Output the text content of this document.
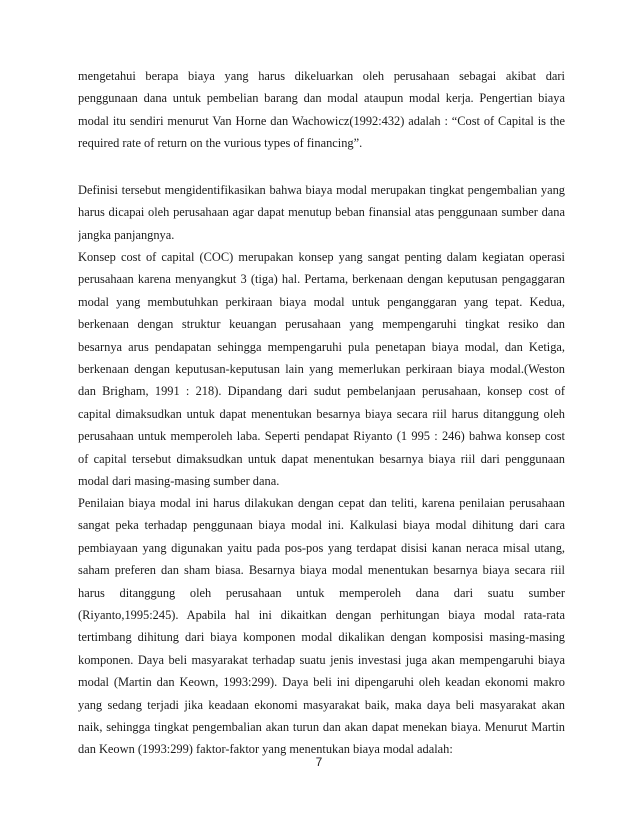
mengetahui berapa biaya yang harus dikeluarkan oleh perusahaan sebagai akibat dari
penggunaan dana untuk pembelian barang dan modal ataupun modal kerja. Pengertian biaya
modal itu sendiri menurut Van Horne dan Wachowicz(1992:432) adalah : “Cost of Capital is the
required rate of return on the vurious types of financing”.
Definisi tersebut mengidentifikasikan bahwa biaya modal merupakan tingkat pengembalian yang
harus dicapai oleh perusahaan agar dapat menutup beban finansial atas penggunaan sumber dana
jangka panjangnya.
Konsep cost of capital (COC) merupakan konsep yang sangat penting dalam kegiatan operasi
perusahaan karena menyangkut 3 (tiga) hal. Pertama, berkenaan dengan keputusan pengaggaran
modal yang membutuhkan perkiraan biaya modal untuk penganggaran yang tepat. Kedua,
berkenaan dengan struktur keuangan perusahaan yang mempengaruhi tingkat resiko dan
besarnya arus pendapatan sehingga mempengaruhi pula penetapan biaya modal, dan Ketiga,
berkenaan dengan keputusan-keputusan lain yang memerlukan perkiraan biaya modal.(Weston
dan Brigham, 1991 : 218). Dipandang dari sudut pembelanjaan perusahaan, konsep cost of
capital dimaksudkan untuk dapat menentukan besarnya biaya secara riil harus ditanggung oleh
perusahaan untuk memperoleh laba. Seperti pendapat Riyanto (1 995 : 246) bahwa konsep cost
of capital tersebut dimaksudkan untuk dapat menentukan besarnya biaya riil dari penggunaan
modal dari masing-masing sumber dana.
Penilaian biaya modal ini harus dilakukan dengan cepat dan teliti, karena penilaian perusahaan
sangat peka terhadap penggunaan biaya modal ini. Kalkulasi biaya modal dihitung dari cara
pembiayaan yang digunakan yaitu pada pos-pos yang terdapat disisi kanan neraca misal utang,
saham preferen dan sham biasa. Besarnya biaya modal menentukan besarnya biaya secara riil
harus ditanggung oleh perusahaan untuk memperoleh dana dari suatu sumber
(Riyanto,1995:245). Apabila hal ini dikaitkan dengan perhitungan biaya modal rata-rata
tertimbang dihitung dari biaya komponen modal dikalikan dengan komposisi masing-masing
komponen. Daya beli masyarakat terhadap suatu jenis investasi juga akan mempengaruhi biaya
modal (Martin dan Keown, 1993:299). Daya beli ini dipengaruhi oleh keadan ekonomi makro
yang sedang terjadi jika keadaan ekonomi masyarakat baik, maka daya beli masyarakat akan
naik, sehingga tingkat pengembalian akan turun dan akan dapat menekan biaya. Menurut Martin
dan Keown (1993:299) faktor-faktor yang menentukan biaya modal adalah:
7
